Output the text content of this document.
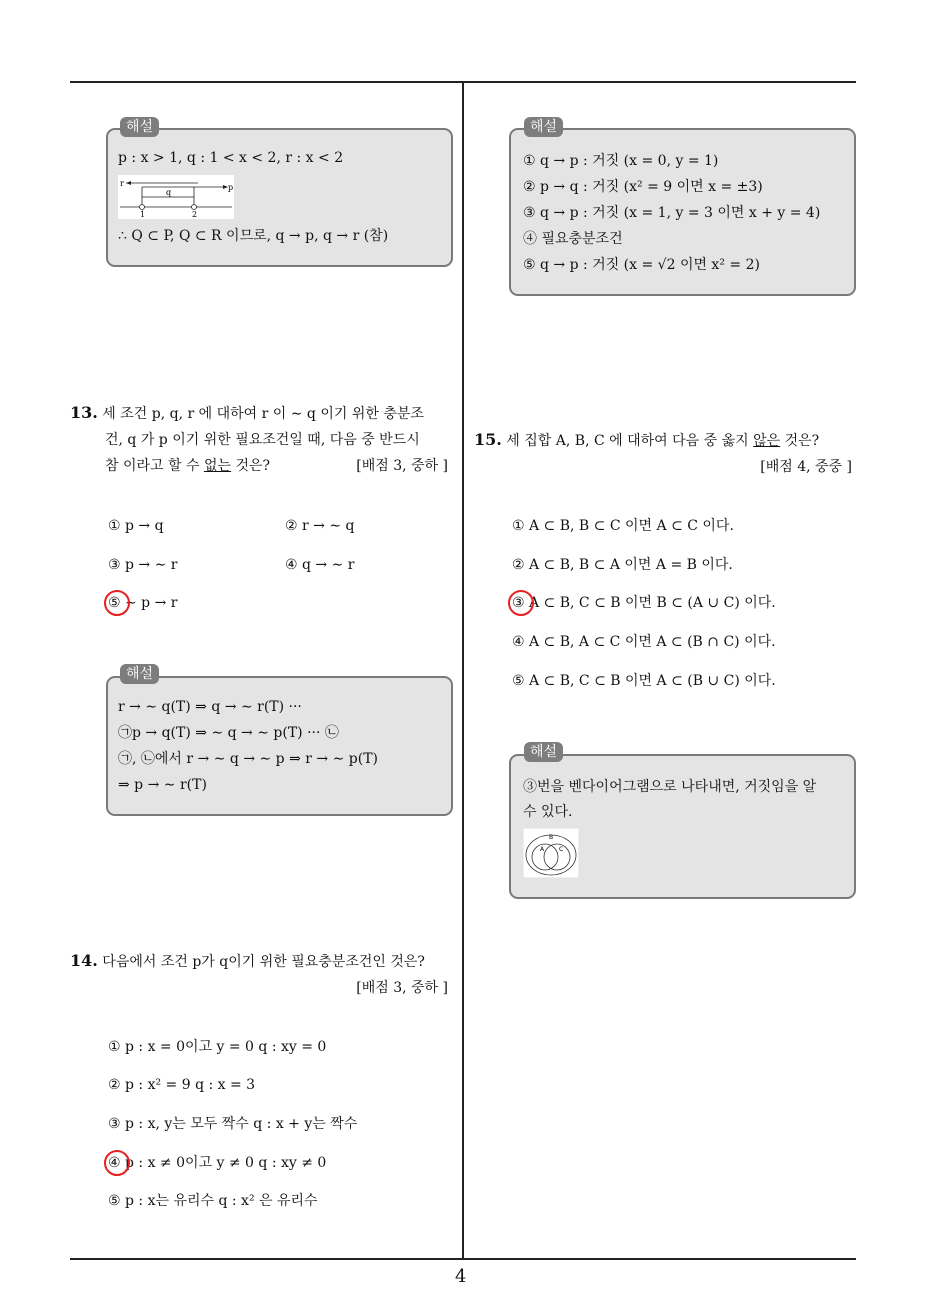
4
p : x > 1, q : 1 < x < 2, r : x < 2
r	p
q
1	2
∴ Q ⊂ P, Q ⊂ R 이므로, q → p, q → r (참)
해설
13. 세 조건 p, q, r 에 대하여 r 이 ∼ q 이기 위한 충분조
건, q 가 p 이기 위한 필요조건일 때, 다음 중 반드시
참 이라고 할 수 없는 것은?	[배점 3, 중하 ]
① p → q	② r → ∼ q
③ p → ∼ r	④ q → ∼ r
⑤ ∼ p → r
r → ∼ q(T) ⇒ q → ∼ r(T) ···
㉠p → q(T) ⇒ ∼ q → ∼ p(T) ··· ㉡
㉠, ㉡에서 r → ∼ q → ∼ p ⇒ r → ∼ p(T)
⇒ p → ∼ r(T)
해설
14. 다음에서 조건 p가 q이기 위한 필요충분조건인 것은?
[배점 3, 중하 ]
① p : x = 0이고 y = 0 q : xy = 0
② p : x² = 9 q : x = 3
③ p : x, y는 모두 짝수 q : x + y는 짝수
④ p : x ≠ 0이고 y ≠ 0 q : xy ≠ 0
⑤ p : x는 유리수 q : x² 은 유리수
① q → p : 거짓 (x = 0, y = 1)
② p → q : 거짓 (x² = 9 이면 x = ±3)
③ q → p : 거짓 (x = 1, y = 3 이면 x + y = 4)
④ 필요충분조건
⑤ q → p : 거짓 (x = √2 이면 x² = 2)
해설
15. 세 집합 A, B, C 에 대하여 다음 중 옳지 않은 것은?
[배점 4, 중중 ]
① A ⊂ B, B ⊂ C 이면 A ⊂ C 이다.
② A ⊂ B, B ⊂ A 이면 A = B 이다.
③ A ⊂ B, C ⊂ B 이면 B ⊂ (A ∪ C) 이다.
④ A ⊂ B, A ⊂ C 이면 A ⊂ (B ∩ C) 이다.
⑤ A ⊂ B, C ⊂ B 이면 A ⊂ (B ∪ C) 이다.
③번을 벤다이어그램으로 나타내면, 거짓임을 알
수 있다.
B
A C
해설
